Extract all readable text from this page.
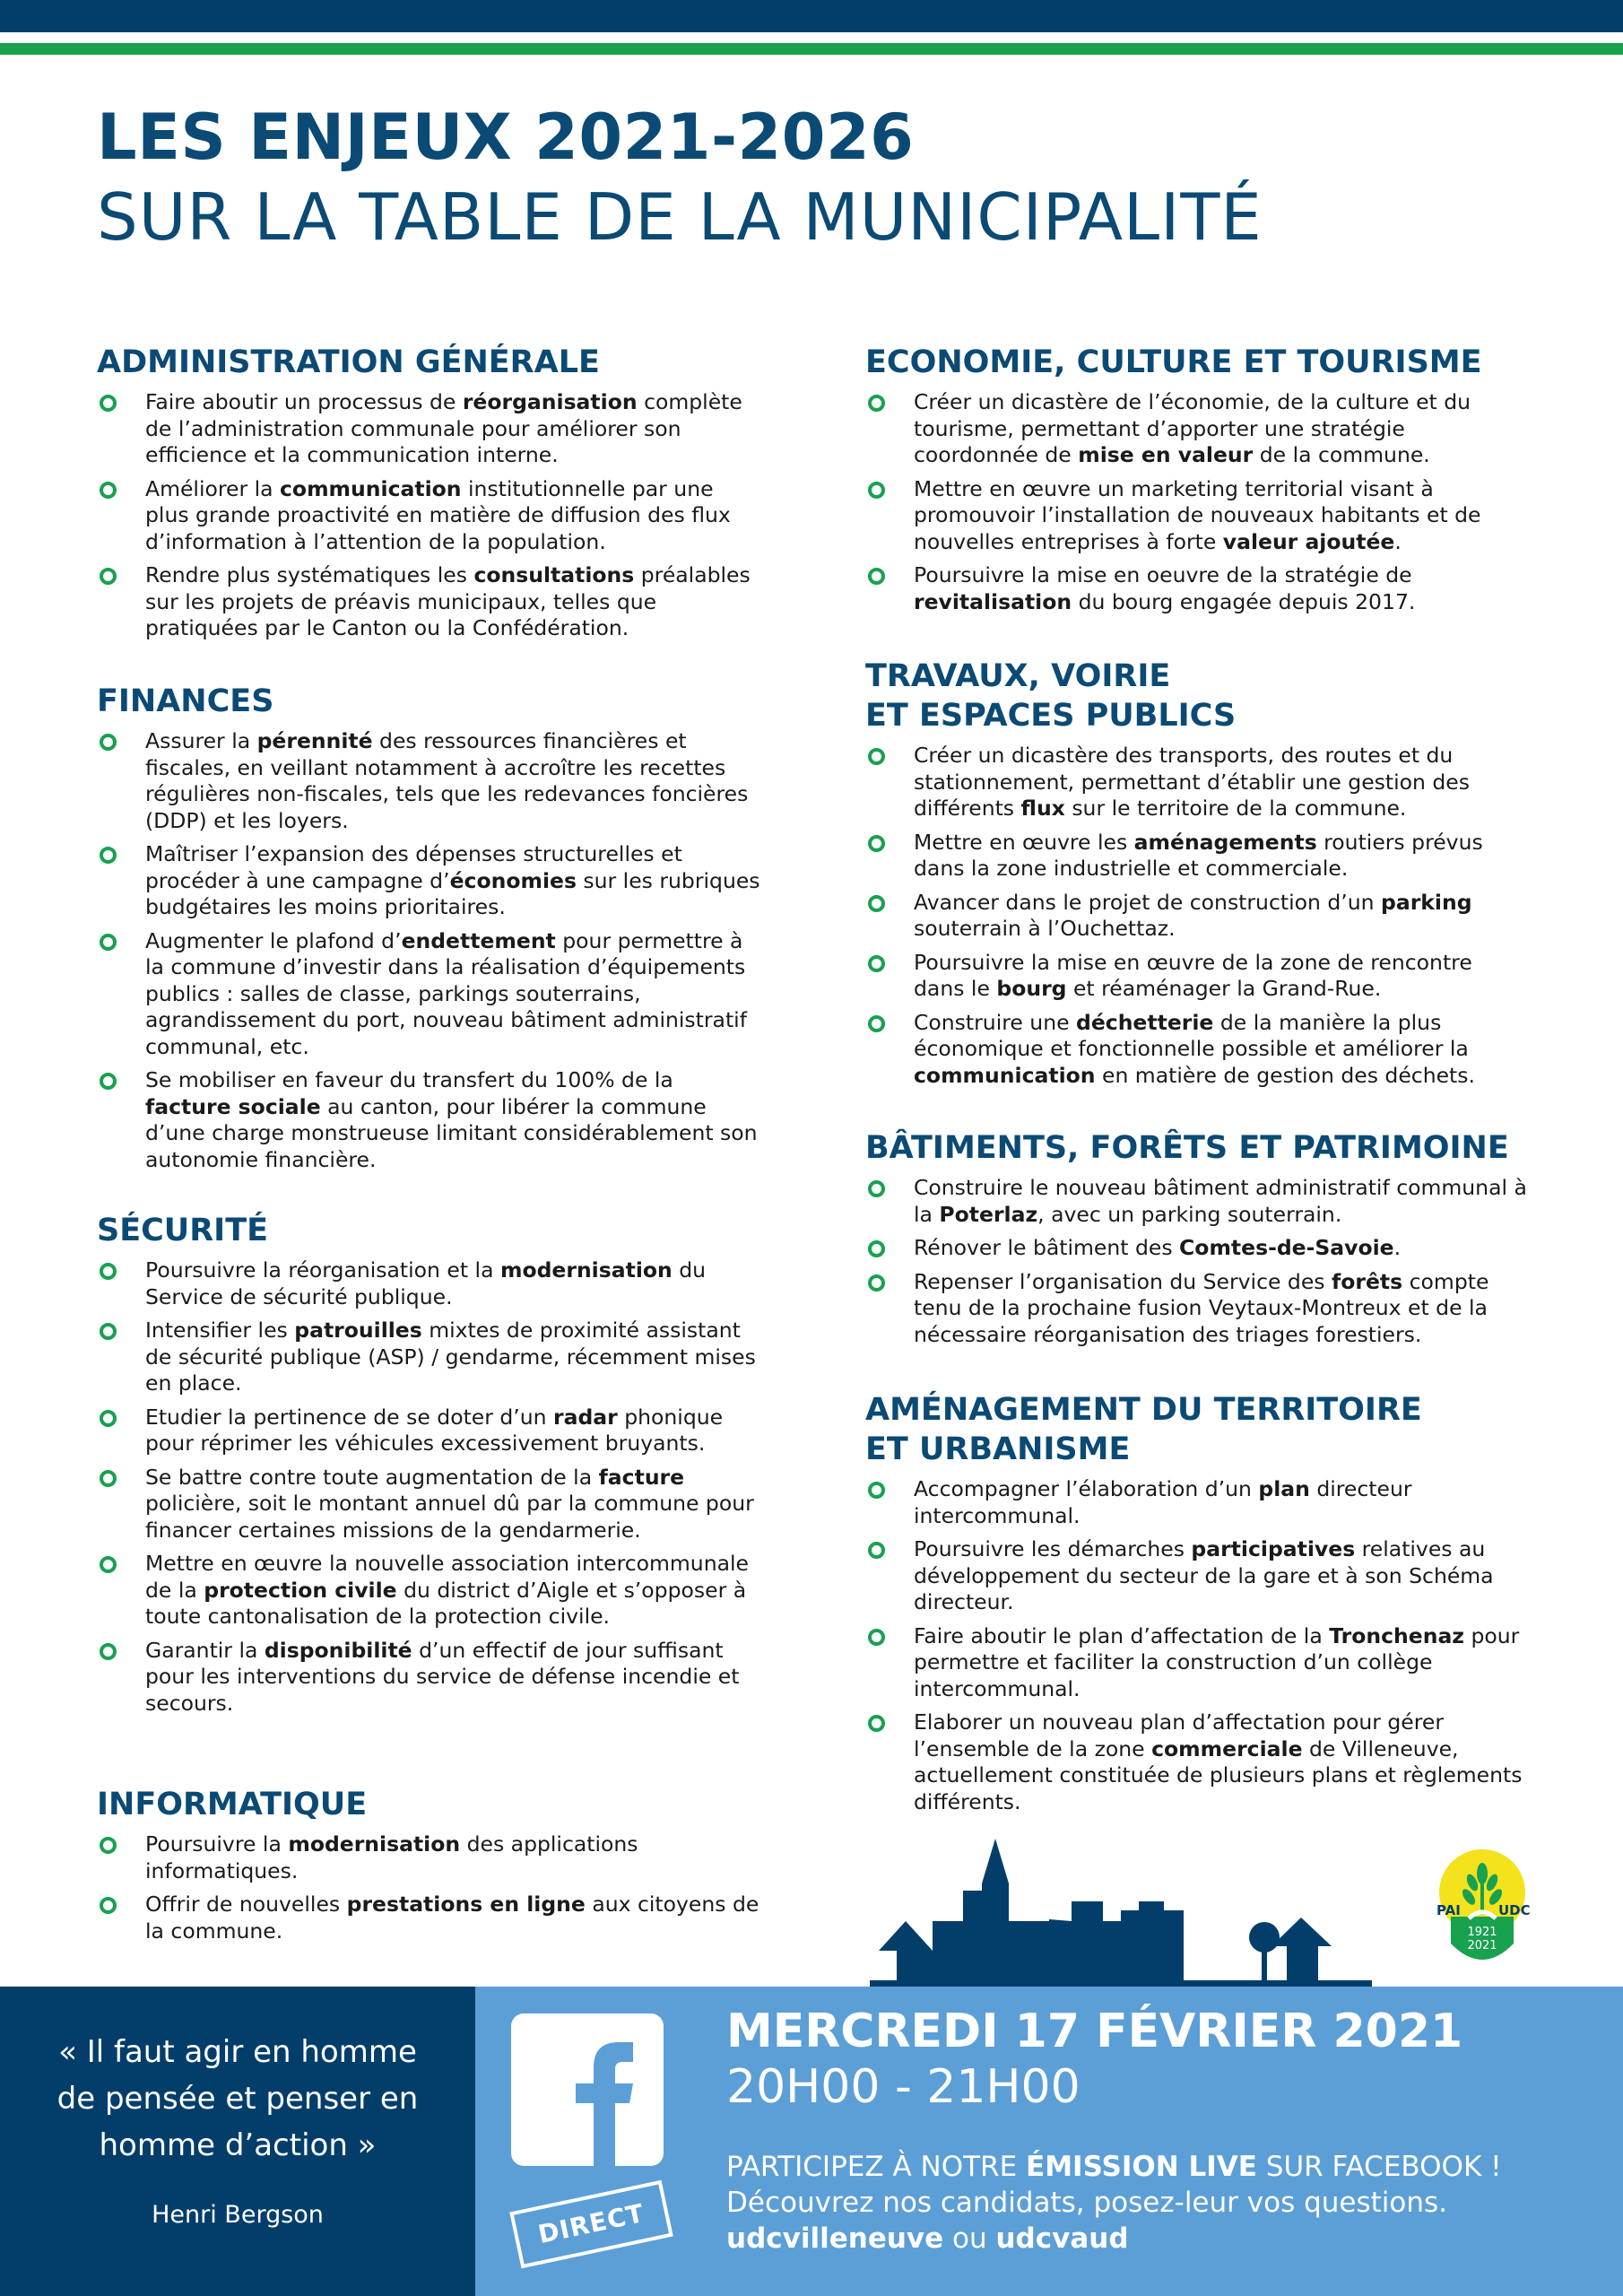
LES ENJEUX 2021-2026
SUR LA TABLE DE LA MUNICIPALITÉ
ADMINISTRATION GÉNÉRALE
Faire aboutir un processus de réorganisation complète de l’administration communale pour améliorer son efficience et la communication interne.
Améliorer la communication institutionnelle par une plus grande proactivité en matière de diffusion des flux d’information à l’attention de la population.
Rendre plus systématiques les consultations préalables sur les projets de préavis municipaux, telles que pratiquées par le Canton ou la Confédération.
FINANCES
Assurer la pérennité des ressources financières et fiscales, en veillant notamment à accroître les recettes régulières non-fiscales, tels que les redevances foncières (DDP) et les loyers.
Maîtriser l’expansion des dépenses structurelles et procéder à une campagne d’économies sur les rubriques budgétaires les moins prioritaires.
Augmenter le plafond d’endettement pour permettre à la commune d’investir dans la réalisation d’équipements publics : salles de classe, parkings souterrains, agrandissement du port, nouveau bâtiment administratif communal, etc.
Se mobiliser en faveur du transfert du 100% de la facture sociale au canton, pour libérer la commune d’une charge monstrueuse limitant considérablement son autonomie financière.
SÉCURITÉ
Poursuivre la réorganisation et la modernisation du Service de sécurité publique.
Intensifier les patrouilles mixtes de proximité assistant de sécurité publique (ASP) / gendarme, récemment mises en place.
Etudier la pertinence de se doter d’un radar phonique pour réprimer les véhicules excessivement bruyants.
Se battre contre toute augmentation de la facture policière, soit le montant annuel dû par la commune pour financer certaines missions de la gendarmerie.
Mettre en œuvre la nouvelle association intercommunale de la protection civile du district d’Aigle et s’opposer à toute cantonalisation de la protection civile.
Garantir la disponibilité d’un effectif de jour suffisant pour les interventions du service de défense incendie et secours.
INFORMATIQUE
Poursuivre la modernisation des applications informatiques.
Offrir de nouvelles prestations en ligne aux citoyens de la commune.
ECONOMIE, CULTURE ET TOURISME
Créer un dicastère de l’économie, de la culture et du tourisme, permettant d’apporter une stratégie coordonnée de mise en valeur de la commune.
Mettre en œuvre un marketing territorial visant à promouvoir l’installation de nouveaux habitants et de nouvelles entreprises à forte valeur ajoutée.
Poursuivre la mise en oeuvre de la stratégie de revitalisation du bourg engagée depuis 2017.
TRAVAUX, VOIRIE
ET ESPACES PUBLICS
Créer un dicastère des transports, des routes et du stationnement, permettant d’établir une gestion des différents flux sur le territoire de la commune.
Mettre en œuvre les aménagements routiers prévus dans la zone industrielle et commerciale.
Avancer dans le projet de construction d’un parking souterrain à l’Ouchettaz.
Poursuivre la mise en œuvre de la zone de rencontre dans le bourg et réaménager la Grand-Rue.
Construire une déchetterie de la manière la plus économique et fonctionnelle possible et améliorer la communication en matière de gestion des déchets.
BÂTIMENTS, FORÊTS ET PATRIMOINE
Construire le nouveau bâtiment administratif communal à la Poterlaz, avec un parking souterrain.
Rénover le bâtiment des Comtes-de-Savoie.
Repenser l’organisation du Service des forêts compte tenu de la prochaine fusion Veytaux-Montreux et de la nécessaire réorganisation des triages forestiers.
AMÉNAGEMENT DU TERRITOIRE
ET URBANISME
Accompagner l’élaboration d’un plan directeur intercommunal.
Poursuivre les démarches participatives relatives au développement du secteur de la gare et à son Schéma directeur.
Faire aboutir le plan d’affectation de la Tronchenaz pour permettre et faciliter la construction d’un collège intercommunal.
Elaborer un nouveau plan d’affectation pour gérer l’ensemble de la zone commerciale de Villeneuve, actuellement constituée de plusieurs plans et règlements différents.
PAI	UDC
1921
2021
« Il faut agir en homme
de pensée et penser en
homme d’action »
Henri Bergson	DIRECT
MERCREDI 17 FÉVRIER 2021
20H00 - 21H00
PARTICIPEZ À NOTRE ÉMISSION LIVE SUR FACEBOOK !
Découvrez nos candidats, posez-leur vos questions.
udcvilleneuve ou udcvaud
